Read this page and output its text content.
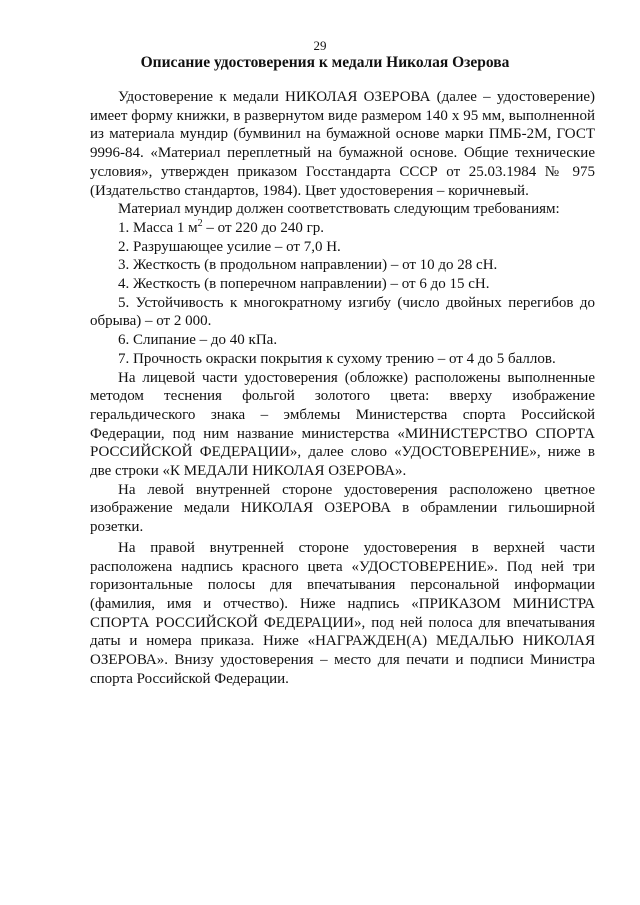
29
Описание удостоверения к медали Николая Озерова

Удостоверение к медали НИКОЛАЯ ОЗЕРОВА (далее – удостоверение) имеет форму книжки, в развернутом виде размером 140 х 95 мм, выполненной из материала мундир (бумвинил на бумажной основе марки ПМБ-2М, ГОСТ 9996-84. «Материал переплетный на бумажной основе. Общие технические условия», утвержден приказом Госстандарта СССР от 25.03.1984 № 975 (Издательство стандартов, 1984). Цвет удостоверения – коричневый.

Материал мундир должен соответствовать следующим требованиям:

1. Масса 1 $м^2$ – от 220 до 240 гр.

2. Разрушающее усилие – от 7,0 Н.

3. Жесткость (в продольном направлении) – от 10 до 28 сН.

4. Жесткость (в поперечном направлении) – от 6 до 15 сН.

5. Устойчивость к многократному изгибу (число двойных перегибов до обрыва) – от 2 000.

6. Слипание – до 40 кПа.

7. Прочность окраски покрытия к сухому трению – от 4 до 5 баллов.

На лицевой части удостоверения (обложке) расположены выполненные методом теснения фольгой золотого цвета: вверху изображение геральдического знака – эмблемы Министерства спорта Российской Федерации, под ним название министерства «МИНИСТЕРСТВО СПОРТА РОССИЙСКОЙ ФЕДЕРАЦИИ», далее слово «УДОСТОВЕРЕНИЕ», ниже в две строки «К МЕДАЛИ НИКОЛАЯ ОЗЕРОВА».

На левой внутренней стороне удостоверения расположено цветное изображение медали НИКОЛАЯ ОЗЕРОВА в обрамлении гильоширной розетки.

На правой внутренней стороне удостоверения в верхней части расположена надпись красного цвета «УДОСТОВЕРЕНИЕ». Под ней три горизонтальные полосы для впечатывания персональной информации (фамилия, имя и отчество). Ниже надпись «ПРИКАЗОМ МИНИСТРА СПОРТА РОССИЙСКОЙ ФЕДЕРАЦИИ», под ней полоса для впечатывания даты и номера приказа. Ниже «НАГРАЖДЕН(А) МЕДАЛЬЮ НИКОЛАЯ ОЗЕРОВА». Внизу удостоверения – место для печати и подписи Министра спорта Российской Федерации.
